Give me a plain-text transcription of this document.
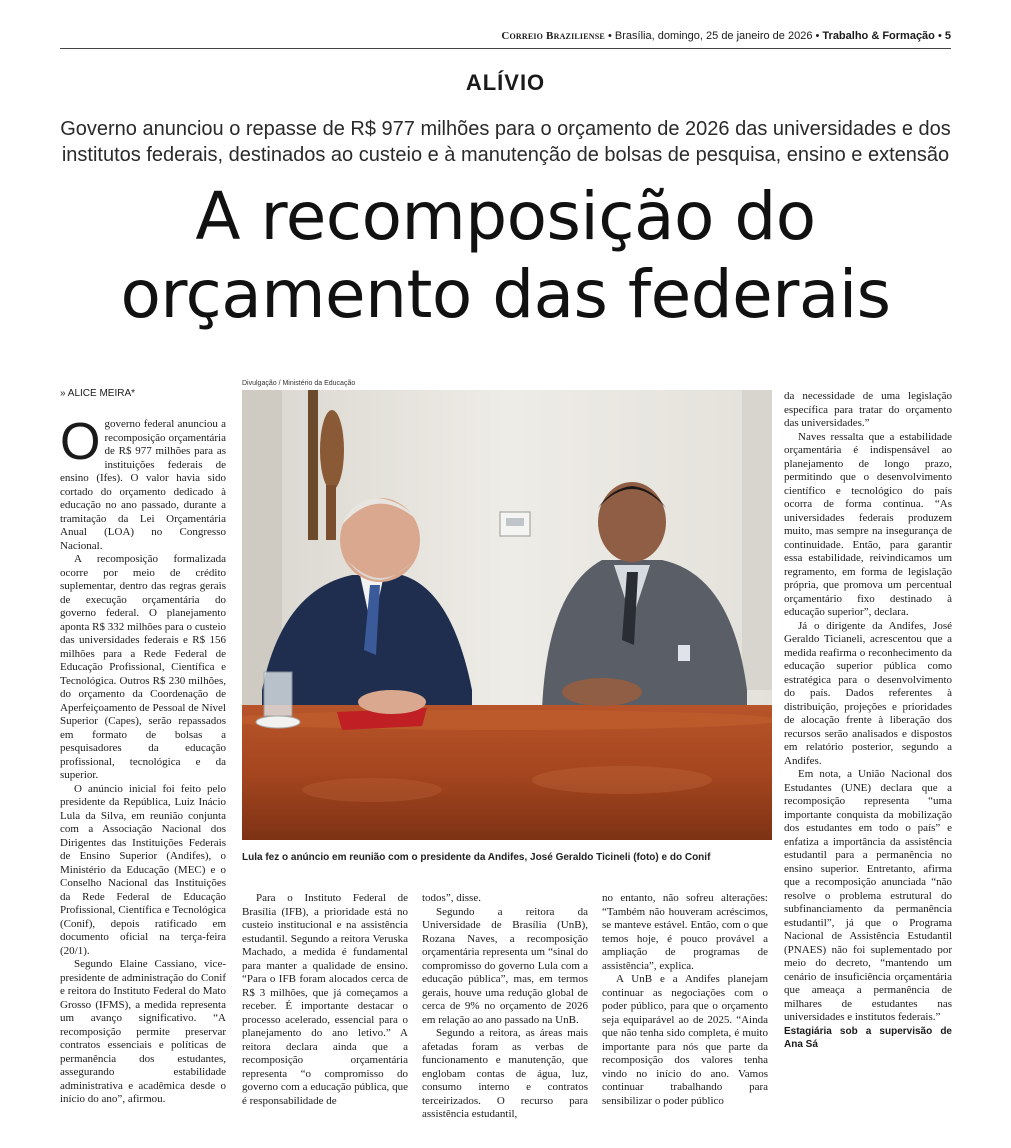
Correio Braziliense • Brasília, domingo, 25 de janeiro de 2026 • Trabalho & Formação • 5
ALÍVIO
Governo anunciou o repasse de R$ 977 milhões para o orçamento de 2026 das universidades e dos institutos federais, destinados ao custeio e à manutenção de bolsas de pesquisa, ensino e extensão
A recomposição do
orçamento das federais
» ALICE MEIRA*

Ogoverno federal anunciou a recomposição orçamentária de R$ 977 milhões para as instituições federais de ensino (Ifes). O valor havia sido cortado do orçamento dedicado à educação no ano passado, durante a tramitação da Lei Orçamentária Anual (LOA) no Congresso Nacional.

A recomposição formalizada ocorre por meio de crédito suplementar, dentro das regras gerais de execução orçamentária do governo federal. O planejamento aponta R$ 332 milhões para o custeio das universidades federais e R$ 156 milhões para a Rede Federal de Educação Profissional, Científica e Tecnológica. Outros R$ 230 milhões, do orçamento da Coordenação de Aperfeiçoamento de Pessoal de Nível Superior (Capes), serão repassados em formato de bolsas a pesquisadores da educação profissional, tecnológica e da superior.

O anúncio inicial foi feito pelo presidente da República, Luiz Inácio Lula da Silva, em reunião conjunta com a Associação Nacional dos Dirigentes das Instituições Federais de Ensino Superior (Andifes), o Ministério da Educação (MEC) e o Conselho Nacional das Instituições da Rede Federal de Educação Profissional, Científica e Tecnológica (Conif), depois ratificado em documento oficial na terça-feira (20/1).

Segundo Elaine Cassiano, vice-presidente de administração do Conif e reitora do Instituto Federal do Mato Grosso (IFMS), a medida representa um avanço significativo. “A recomposição permite preservar contratos essenciais e políticas de permanência dos estudantes, assegurando estabilidade administrativa e acadêmica desde o início do ano”, afirmou.

Divulgação / Ministério da Educação
Lula fez o anúncio em reunião com o presidente da Andifes, José Geraldo Ticineli (foto) e do Conif

Para o Instituto Federal de Brasília (IFB), a prioridade está no custeio institucional e na assistência estudantil. Segundo a reitora Veruska Machado, a medida é fundamental para manter a qualidade de ensino. “Para o IFB foram alocados cerca de R$ 3 milhões, que já começamos a receber. É importante destacar o processo acelerado, essencial para o planejamento do ano letivo.” A reitora declara ainda que a recomposição orçamentária representa “o compromisso do governo com a educação pública, que é responsabilidade de

todos”, disse.

Segundo a reitora da Universidade de Brasília (UnB), Rozana Naves, a recomposição orçamentária representa um “sinal do compromisso do governo Lula com a educação pública”, mas, em termos gerais, houve uma redução global de cerca de 9% no orçamento de 2026 em relação ao ano passado na UnB.

Segundo a reitora, as áreas mais afetadas foram as verbas de funcionamento e manutenção, que englobam contas de água, luz, consumo interno e contratos terceirizados. O recurso para assistência estudantil,

no entanto, não sofreu alterações: “Também não houveram acréscimos, se manteve estável. Então, com o que temos hoje, é pouco provável a ampliação de programas de assistência”, explica.

A UnB e a Andifes planejam continuar as negociações com o poder público, para que o orçamento seja equiparável ao de 2025. “Ainda que não tenha sido completa, é muito importante para nós que parte da recomposição dos valores tenha vindo no início do ano. Vamos continuar trabalhando para sensibilizar o poder público

da necessidade de uma legislação específica para tratar do orçamento das universidades.”

Naves ressalta que a estabilidade orçamentária é indispensável ao planejamento de longo prazo, permitindo que o desenvolvimento científico e tecnológico do país ocorra de forma contínua. “As universidades federais produzem muito, mas sempre na insegurança de continuidade. Então, para garantir essa estabilidade, reivindicamos um regramento, em forma de legislação própria, que promova um percentual orçamentário fixo destinado à educação superior”, declara.

Já o dirigente da Andifes, José Geraldo Ticianeli, acrescentou que a medida reafirma o reconhecimento da educação superior pública como estratégica para o desenvolvimento do país. Dados referentes à distribuição, projeções e prioridades de alocação frente à liberação dos recursos serão analisados e dispostos em relatório posterior, segundo a Andifes.

Em nota, a União Nacional dos Estudantes (UNE) declara que a recomposição representa “uma importante conquista da mobilização dos estudantes em todo o país” e enfatiza a importância da assistência estudantil para a permanência no ensino superior. Entretanto, afirma que a recomposição anunciada “não resolve o problema estrutural do subfinanciamento da permanência estudantil”, já que o Programa Nacional de Assistência Estudantil (PNAES) não foi suplementado por meio do decreto, “mantendo um cenário de insuficiência orçamentária que ameaça a permanência de milhares de estudantes nas universidades e institutos federais.”

Estagiária sob a supervisão de Ana Sá
